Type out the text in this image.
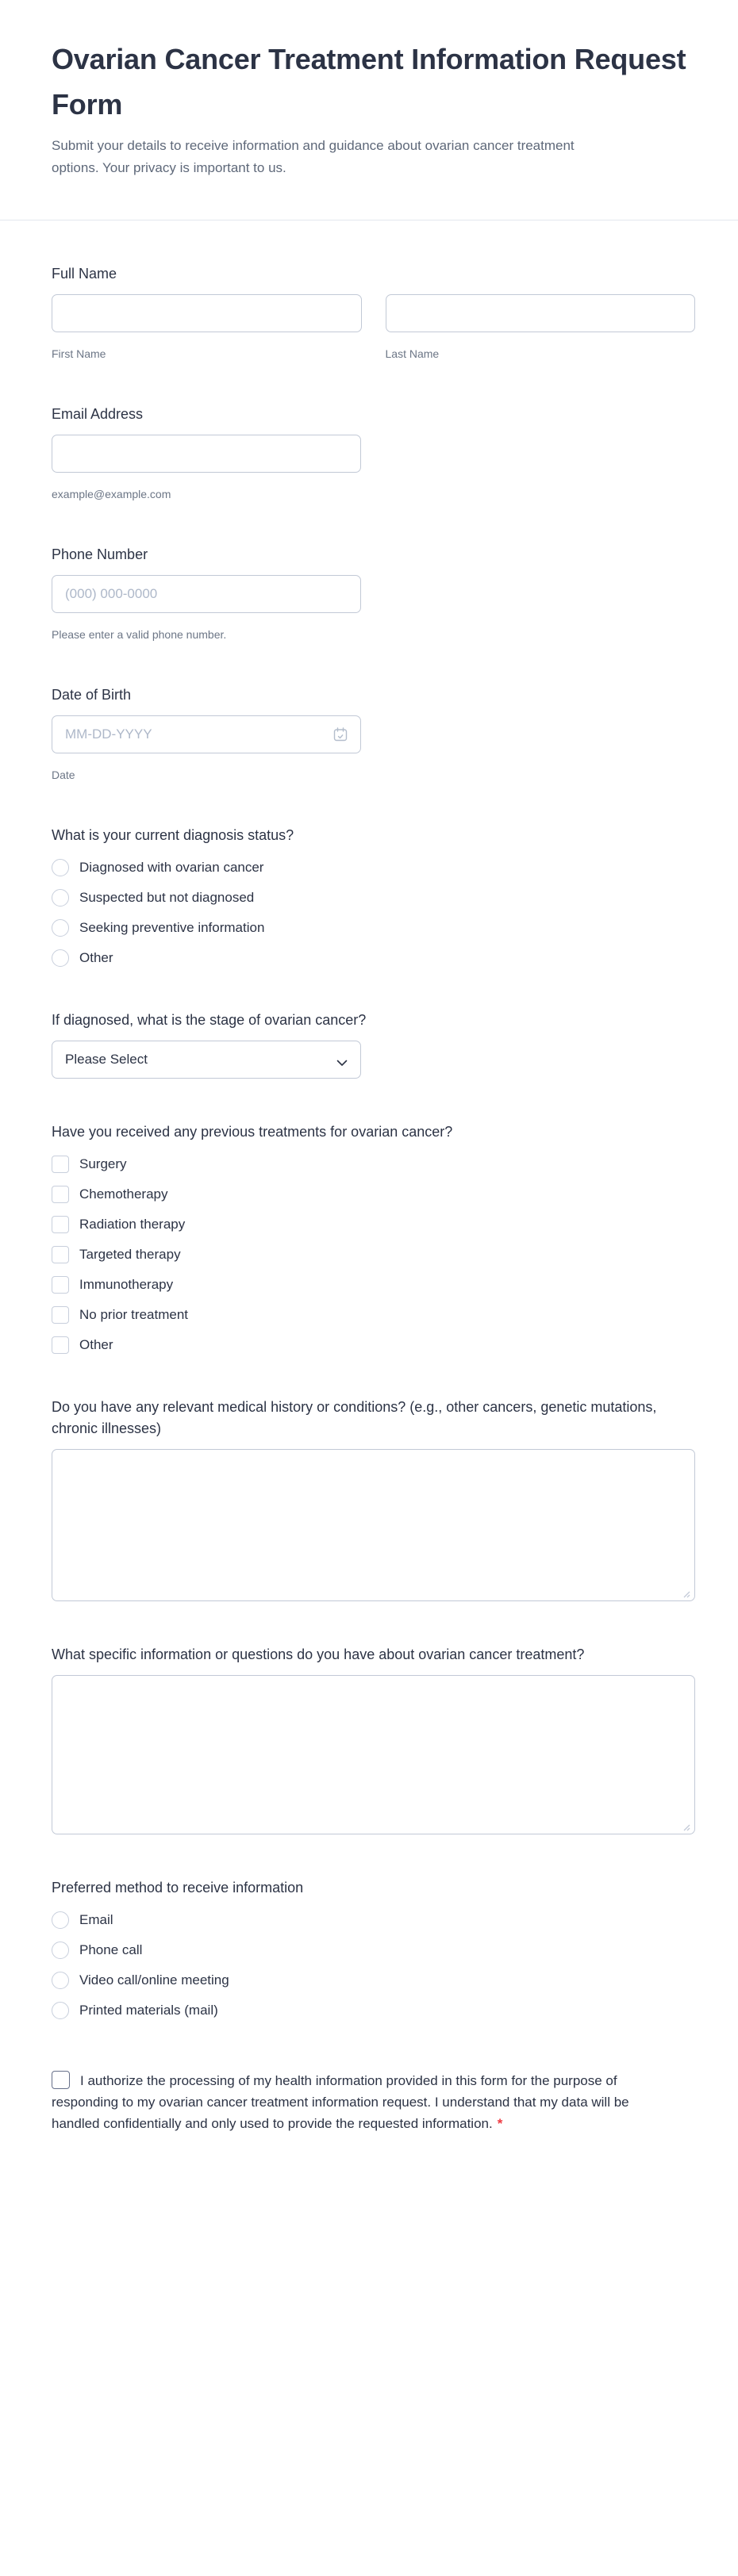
Ovarian Cancer Treatment Information Request Form

Submit your details to receive information and guidance about ovarian cancer treatment options. Your privacy is important to us.

Full Name
First Name	Last Name
Email Address
example@example.com
Phone Number
(000) 000-0000
Please enter a valid phone number.
Date of Birth
MM-DD-YYYY
Date
What is your current diagnosis status?
Diagnosed with ovarian cancer
Suspected but not diagnosed
Seeking preventive information
Other
If diagnosed, what is the stage of ovarian cancer?
Please Select
Have you received any previous treatments for ovarian cancer?
Surgery
Chemotherapy
Radiation therapy
Targeted therapy
Immunotherapy
No prior treatment
Other
Do you have any relevant medical history or conditions? (e.g., other cancers, genetic mutations, chronic illnesses)
What specific information or questions do you have about ovarian cancer treatment?
Preferred method to receive information
Email
Phone call
Video call/online meeting
Printed materials (mail)
I authorize the processing of my health information provided in this form for the purpose of responding to my ovarian cancer treatment information request. I understand that my data will be handled confidentially and only used to provide the requested information. *
